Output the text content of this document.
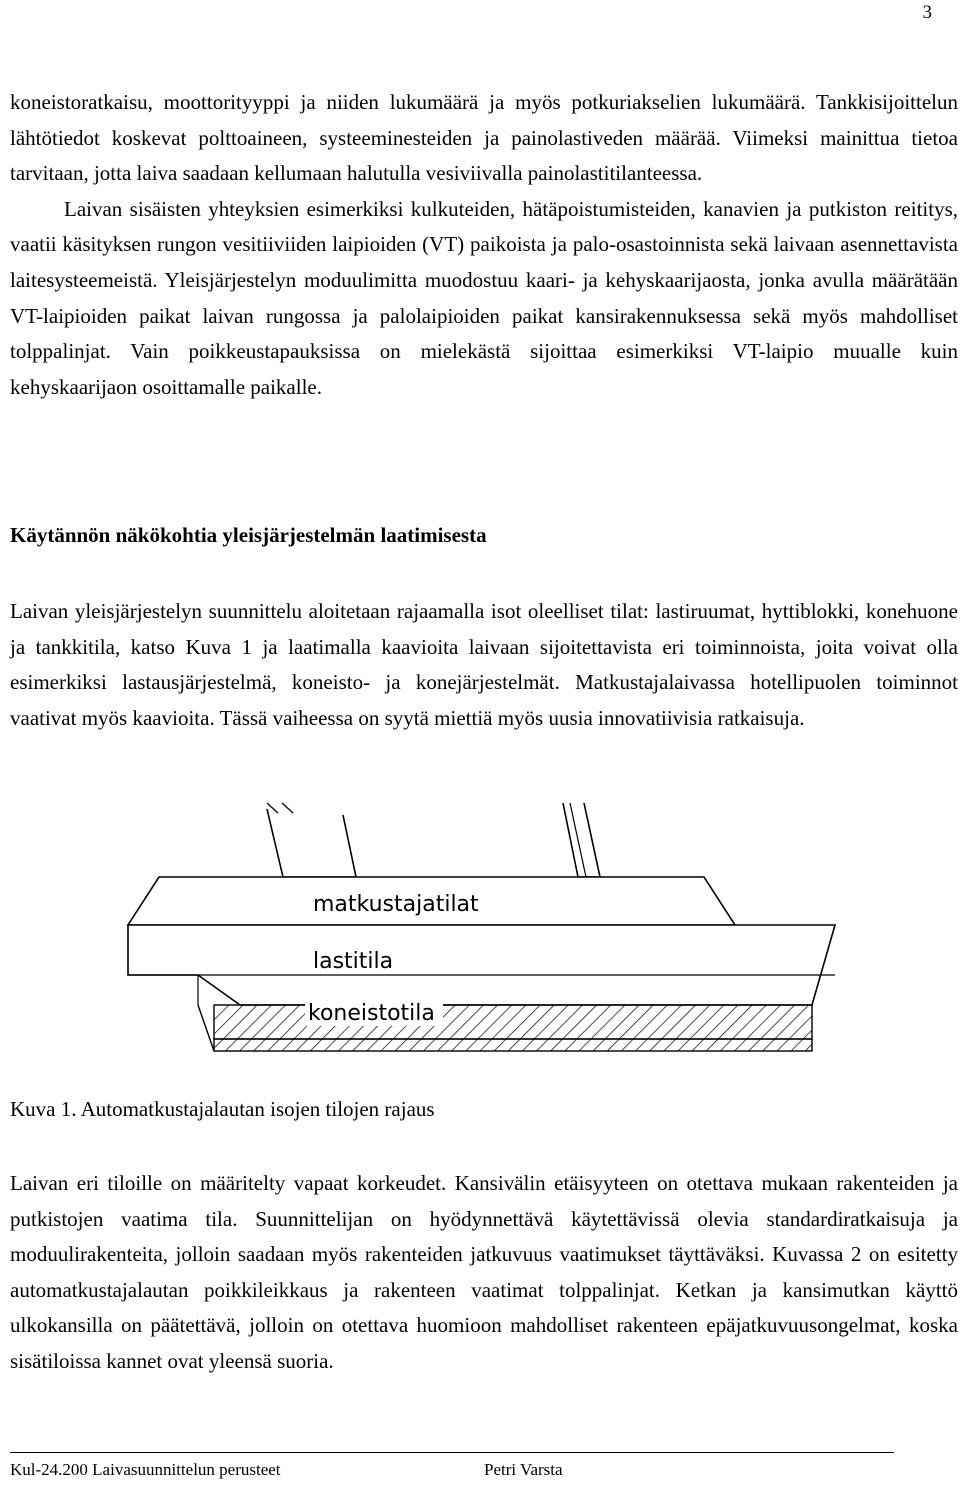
3

koneistoratkaisu, moottorityyppi ja niiden lukumäärä ja myös potkuriakselien lukumäärä. Tankkisijoittelun lähtötiedot koskevat polttoaineen, systeeminesteiden ja painolastiveden määrää. Viimeksi mainittua tietoa tarvitaan, jotta laiva saadaan kellumaan halutulla vesiviivalla painolastitilanteessa.

Laivan sisäisten yhteyksien esimerkiksi kulkuteiden, hätäpoistumisteiden, kanavien ja putkiston reititys, vaatii käsityksen rungon vesitiiviiden laipioiden (VT) paikoista ja palo-osastoinnista sekä laivaan asennettavista laitesysteemeistä. Yleisjärjestelyn moduulimitta muodostuu kaari- ja kehyskaarijaosta, jonka avulla määrätään VT-laipioiden paikat laivan rungossa ja palolaipioiden paikat kansirakennuksessa sekä myös mahdolliset tolppalinjat. Vain poikkeustapauksissa on mielekästä sijoittaa esimerkiksi VT-laipio muualle kuin kehyskaarijaon osoittamalle paikalle.

Käytännön näkökohtia yleisjärjestelmän laatimisesta

Laivan yleisjärjestelyn suunnittelu aloitetaan rajaamalla isot oleelliset tilat: lastiruumat, hyttiblokki, konehuone ja tankkitila, katso Kuva 1 ja laatimalla kaavioita laivaan sijoitettavista eri toiminnoista, joita voivat olla esimerkiksi lastausjärjestelmä, koneisto- ja konejärjestelmät. Matkustajalaivassa hotellipuolen toiminnot vaativat myös kaavioita. Tässä vaiheessa on syytä miettiä myös uusia innovatiivisia ratkaisuja.

matkustajatilat
lastitila
koneistotila

Kuva 1. Automatkustajalautan isojen tilojen rajaus

Laivan eri tiloille on määritelty vapaat korkeudet. Kansivälin etäisyyteen on otettava mukaan rakenteiden ja putkistojen vaatima tila. Suunnittelijan on hyödynnettävä käytettävissä olevia standardiratkaisuja ja moduulirakenteita, jolloin saadaan myös rakenteiden jatkuvuus vaatimukset täyttäväksi. Kuvassa 2 on esitetty automatkustajalautan poikkileikkaus ja rakenteen vaatimat tolppalinjat. Ketkan ja kansimutkan käyttö ulkokansilla on päätettävä, jolloin on otettava huomioon mahdolliset rakenteen epäjatkuvuusongelmat, koska sisätiloissa kannet ovat yleensä suoria.

Kul-24.200 Laivasuunnittelun perusteet	Petri Varsta
